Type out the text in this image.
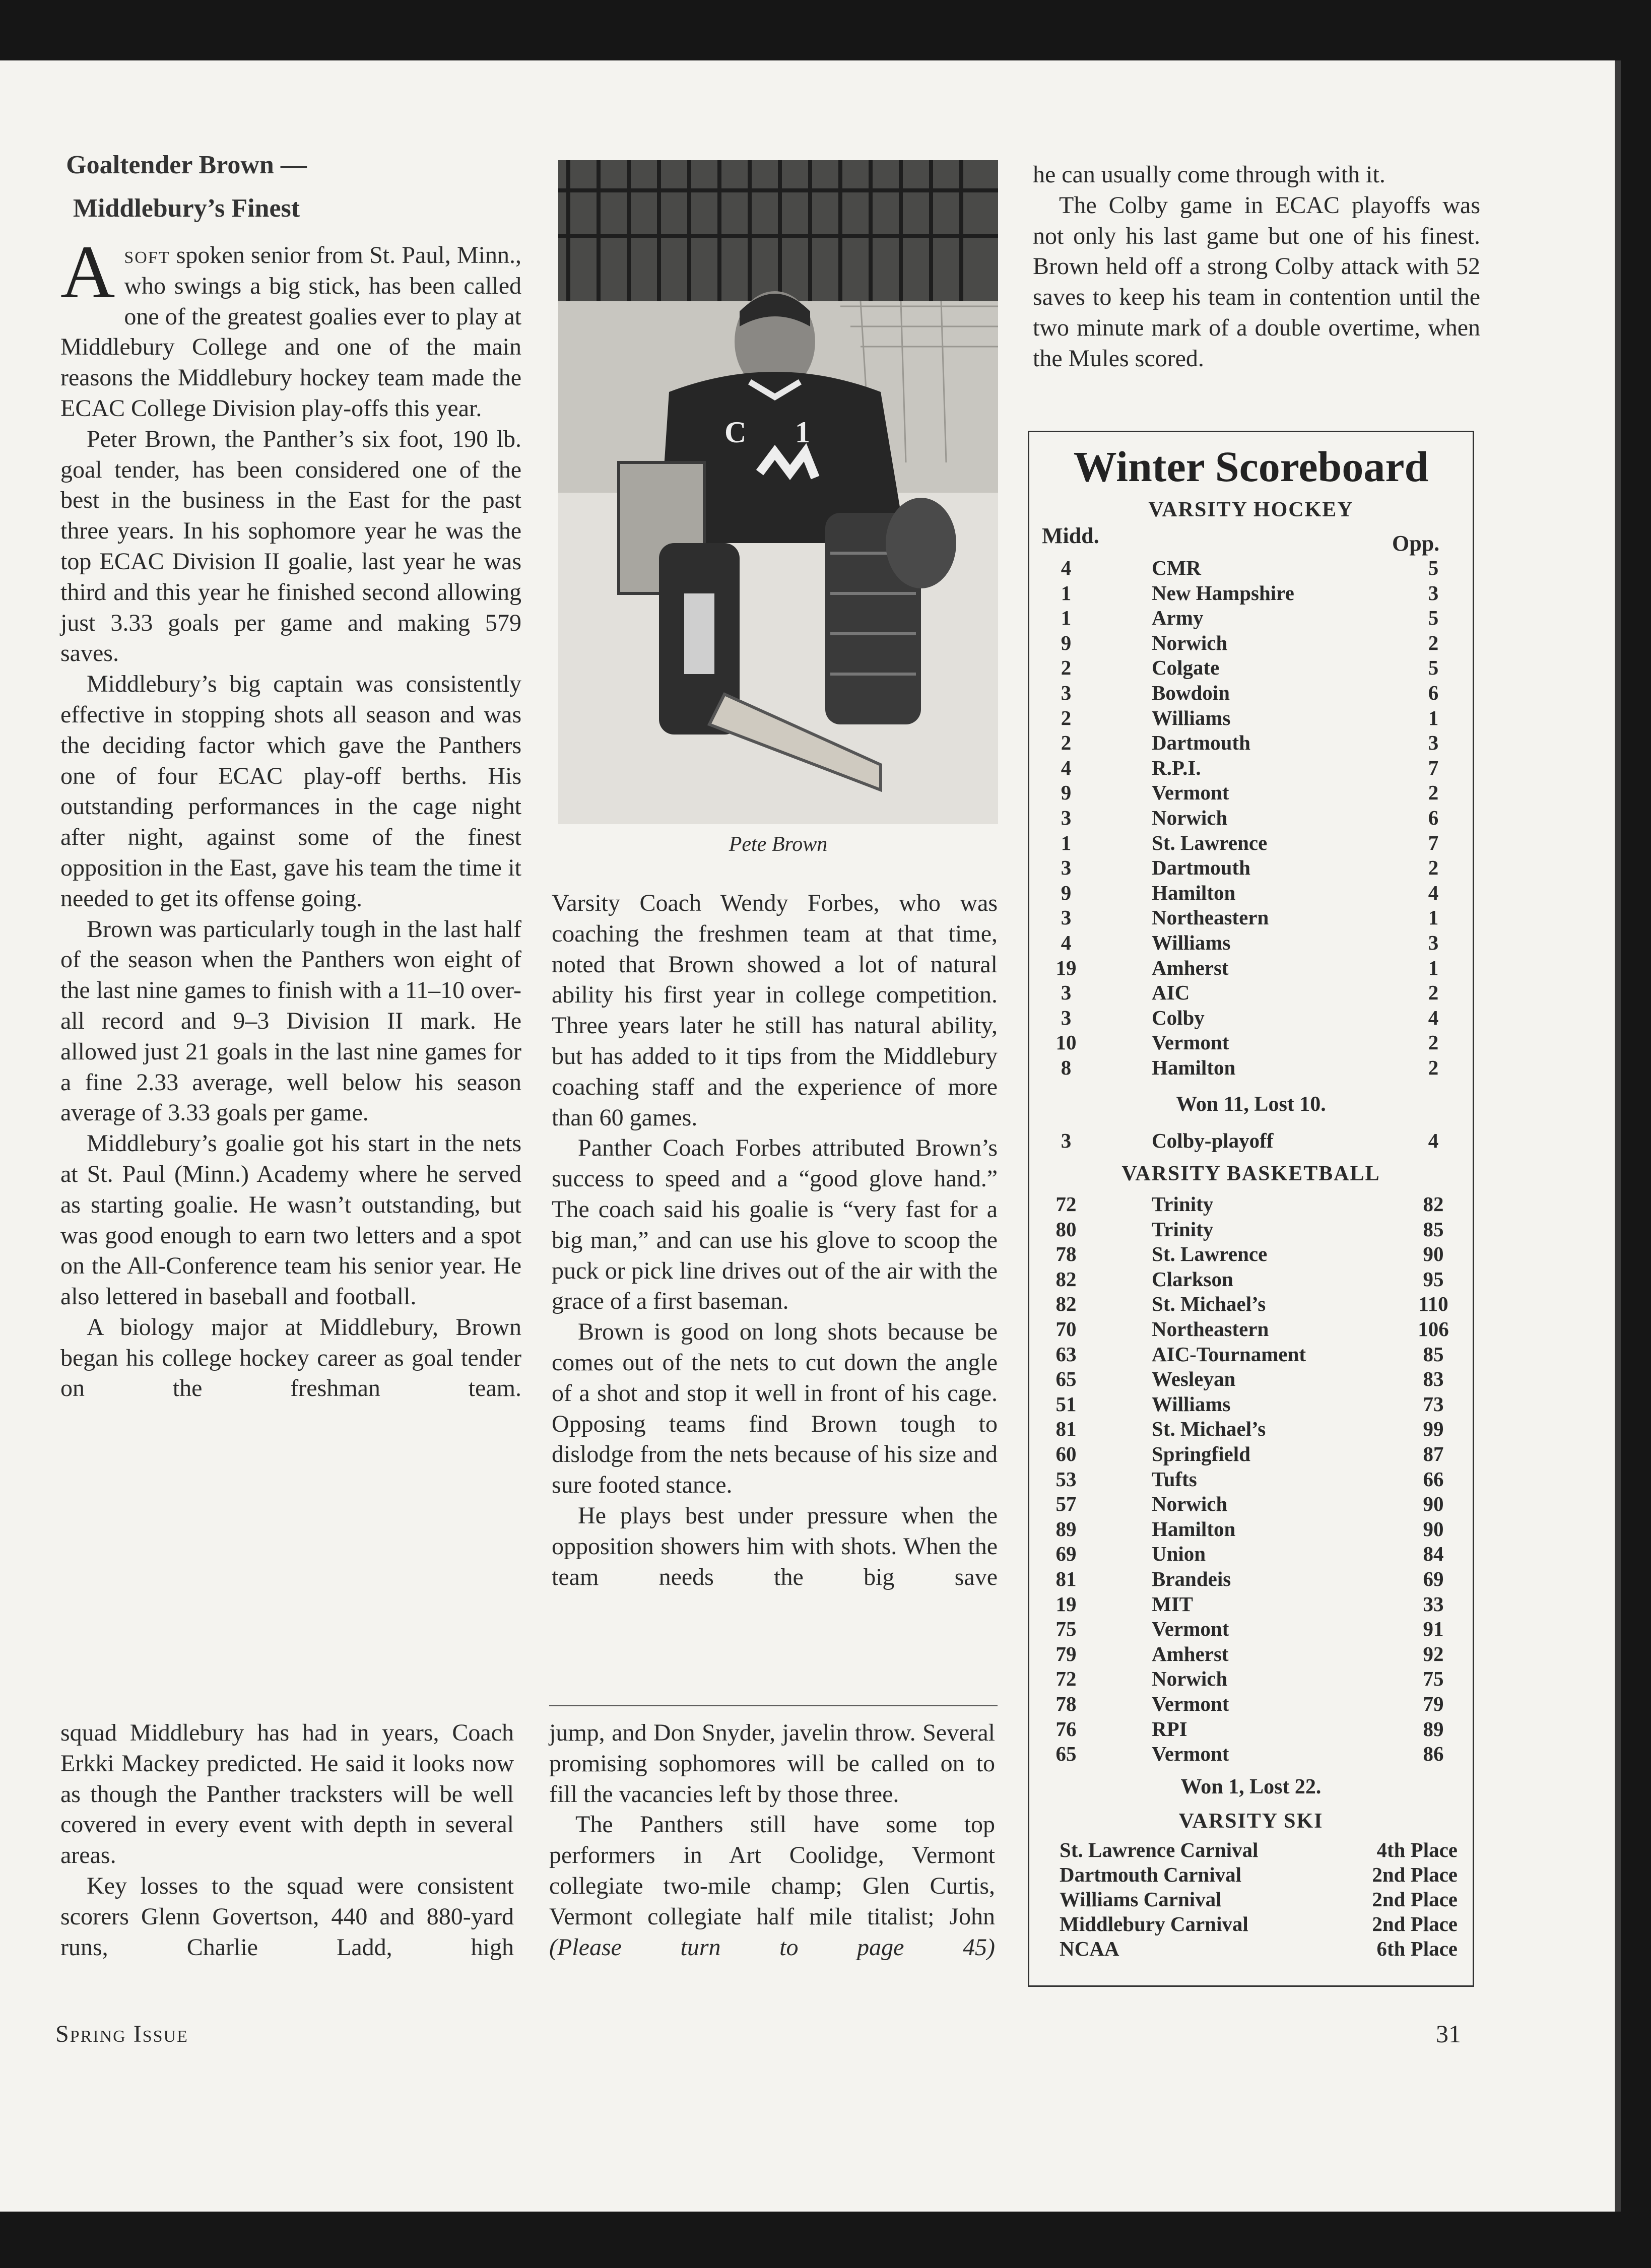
Goaltender Brown —
Middlebury’s Finest

Asoft spoken senior from St. Paul, Minn., who swings a big stick, has been called one of the greatest goalies ever to play at Middlebury College and one of the main reasons the Middlebury hockey team made the ECAC College Division play-offs this year.

Peter Brown, the Panther’s six foot, 190 lb. goal tender, has been considered one of the best in the business in the East for the past three years. In his sophomore year he was the top ECAC Division II goalie, last year he was third and this year he finished second allowing just 3.33 goals per game and making 579 saves.

Middlebury’s big captain was consistently effective in stopping shots all season and was the deciding factor which gave the Panthers one of four ECAC play-off berths. His outstanding performances in the cage night after night, against some of the finest opposition in the East, gave his team the time it needed to get its offense going.

Brown was particularly tough in the last half of the season when the Panthers won eight of the last nine games to finish with a 11–10 over-all record and 9–3 Division II mark. He allowed just 21 goals in the last nine games for a fine 2.33 average, well below his season average of 3.33 goals per game.

Middlebury’s goalie got his start in the nets at St. Paul (Minn.) Academy where he served as starting goalie. He wasn’t outstanding, but was good enough to earn two letters and a spot on the All-Conference team his senior year. He also lettered in baseball and football.

A biology major at Middlebury, Brown began his college hockey career as goal tender on the freshman team.

C 1
Pete Brown

Varsity Coach Wendy Forbes, who was coaching the freshmen team at that time, noted that Brown showed a lot of natural ability his first year in college competition. Three years later he still has natural ability, but has added to it tips from the Middlebury coaching staff and the experience of more than 60 games.

Panther Coach Forbes attributed Brown’s success to speed and a “good glove hand.” The coach said his goalie is “very fast for a big man,” and can use his glove to scoop the puck or pick line drives out of the air with the grace of a first baseman.

Brown is good on long shots because be comes out of the nets to cut down the angle of a shot and stop it well in front of his cage. Opposing teams find Brown tough to dislodge from the nets because of his size and sure footed stance.

He plays best under pressure when the opposition showers him with shots. When the team needs the big save

he can usually come through with it.

The Colby game in ECAC playoffs was not only his last game but one of his finest. Brown held off a strong Colby attack with 52 saves to keep his team in contention until the two minute mark of a double overtime, when the Mules scored.

squad Middlebury has had in years, Coach Erkki Mackey predicted. He said it looks now as though the Panther tracksters will be well covered in every event with depth in several areas.

Key losses to the squad were consistent scorers Glenn Govertson, 440 and 880-yard runs, Charlie Ladd, high

jump, and Don Snyder, javelin throw. Several promising sophomores will be called on to fill the vacancies left by those three.

The Panthers still have some top performers in Art Coolidge, Vermont collegiate two-mile champ; Glen Curtis, Vermont collegiate half mile titalist; John (Please turn to page 45)

Winter Scoreboard
VARSITY HOCKEY
Midd.	Opp.
4	CMR	5
1	New Hampshire	3
1	Army	5
9	Norwich	2
2	Colgate	5
3	Bowdoin	6
2	Williams	1
2	Dartmouth	3
4	R.P.I.	7
9	Vermont	2
3	Norwich	6
1	St. Lawrence	7
3	Dartmouth	2
9	Hamilton	4
3	Northeastern	1
4	Williams	3
19	Amherst	1
3	AIC	2
3	Colby	4
10	Vermont	2
8	Hamilton	2
Won 11, Lost 10.
3	Colby-playoff	4
VARSITY BASKETBALL
72	Trinity	82
80	Trinity	85
78	St. Lawrence	90
82	Clarkson	95
82	St. Michael’s	110
70	Northeastern	106
63	AIC-Tournament	85
65	Wesleyan	83
51	Williams	73
81	St. Michael’s	99
60	Springfield	87
53	Tufts	66
57	Norwich	90
89	Hamilton	90
69	Union	84
81	Brandeis	69
19	MIT	33
75	Vermont	91
79	Amherst	92
72	Norwich	75
78	Vermont	79
76	RPI	89
65	Vermont	86
Won 1, Lost 22.
VARSITY SKI
St. Lawrence Carnival	4th Place
Dartmouth Carnival	2nd Place
Williams Carnival	2nd Place
Middlebury Carnival	2nd Place
NCAA	6th Place
Spring Issue	31
